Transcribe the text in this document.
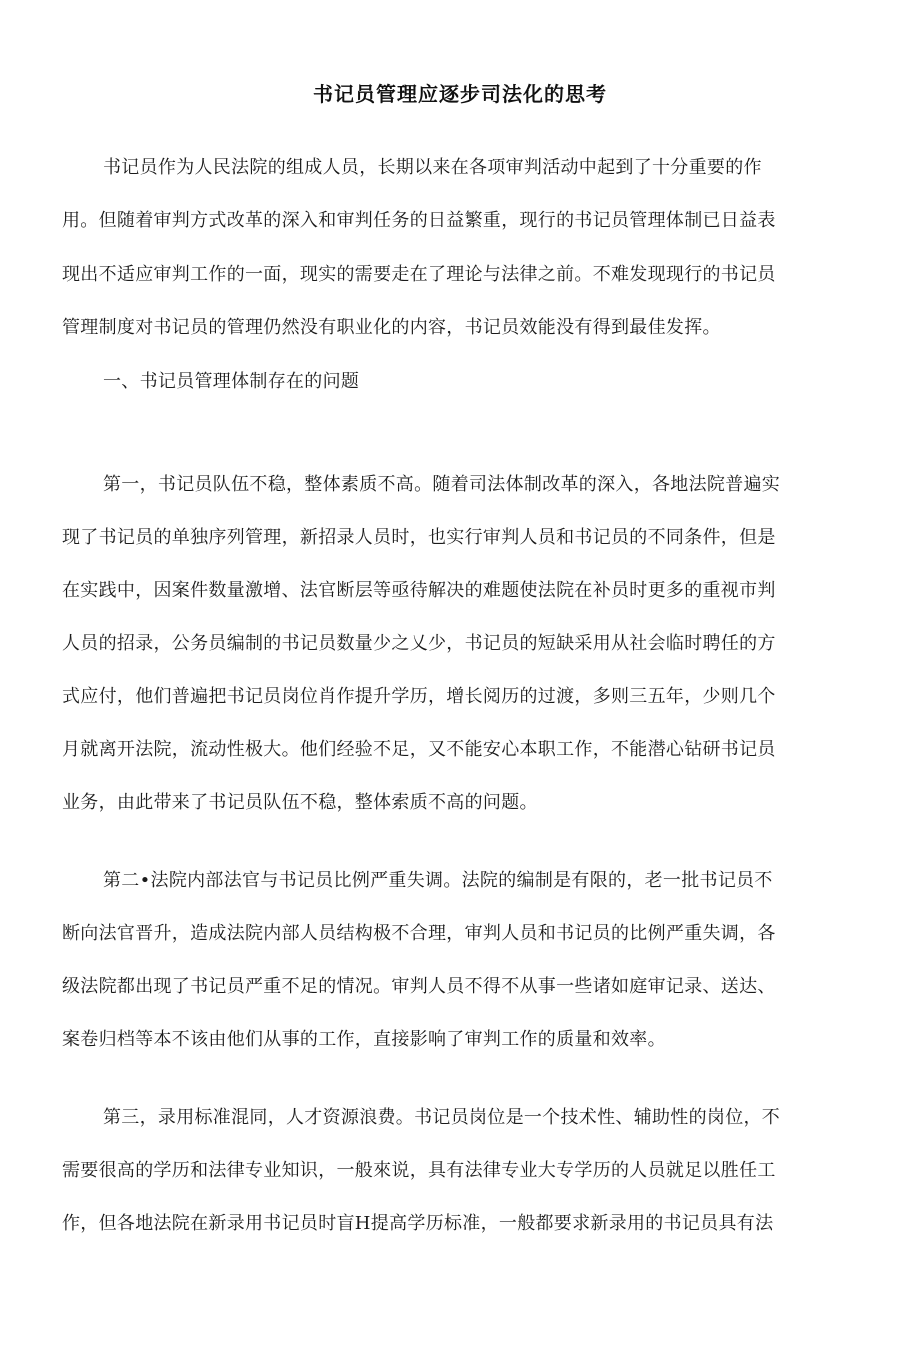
书记员管理应逐步司法化的思考
书记员作为人民法院的组成人员，长期以来在各项审判活动中起到了十分重要的作
用。但随着审判方式改革的深入和审判任务的日益繁重，现行的书记员管理体制已日益表
现出不适应审判工作的一面，现实的需要走在了理论与法律之前。不难发现现行的书记员
管理制度对书记员的管理仍然没有职业化的内容，书记员效能没有得到最佳发挥。
一、书记员管理体制存在的问题
第一，书记员队伍不稳，整体素质不高。随着司法体制改革的深入，各地法院普遍实
现了书记员的单独序列管理，新招录人员时，也实行审判人员和书记员的不同条件，但是
在实践中，因案件数量激增、法官断层等亟待解决的难题使法院在补员时更多的重视市判
人员的招录，公务员编制的书记员数量少之乂少，书记员的短缺采用从社会临时聘任的方
式应付，他们普遍把书记员岗位肖作提升学历，增长阅历的过渡，多则三五年，少则几个
月就离开法院，流动性极大。他们经验不足，又不能安心本职工作，不能潜心钻研书记员
业务，由此带来了书记员队伍不稳，整体索质不高的问题。
第二•法院内部法官与书记员比例严重失调。法院的编制是有限的，老一批书记员不
断向法官晋升，造成法院内部人员结构极不合理，审判人员和书记员的比例严重失调，各
级法院都出现了书记员严重不足的情况。审判人员不得不从事一些诸如庭审记录、送达、
案卷归档等本不该由他们从事的工作，直接影响了审判工作的质量和效率。
第三，录用标准混同，人才资源浪费。书记员岗位是一个技术性、辅助性的岗位，不
需要很高的学历和法律专业知识，一般來说，具有法律专业大专学历的人员就足以胜任工
作，但各地法院在新录用书记员时盲H提高学历标准，一般都要求新录用的书记员具有法
